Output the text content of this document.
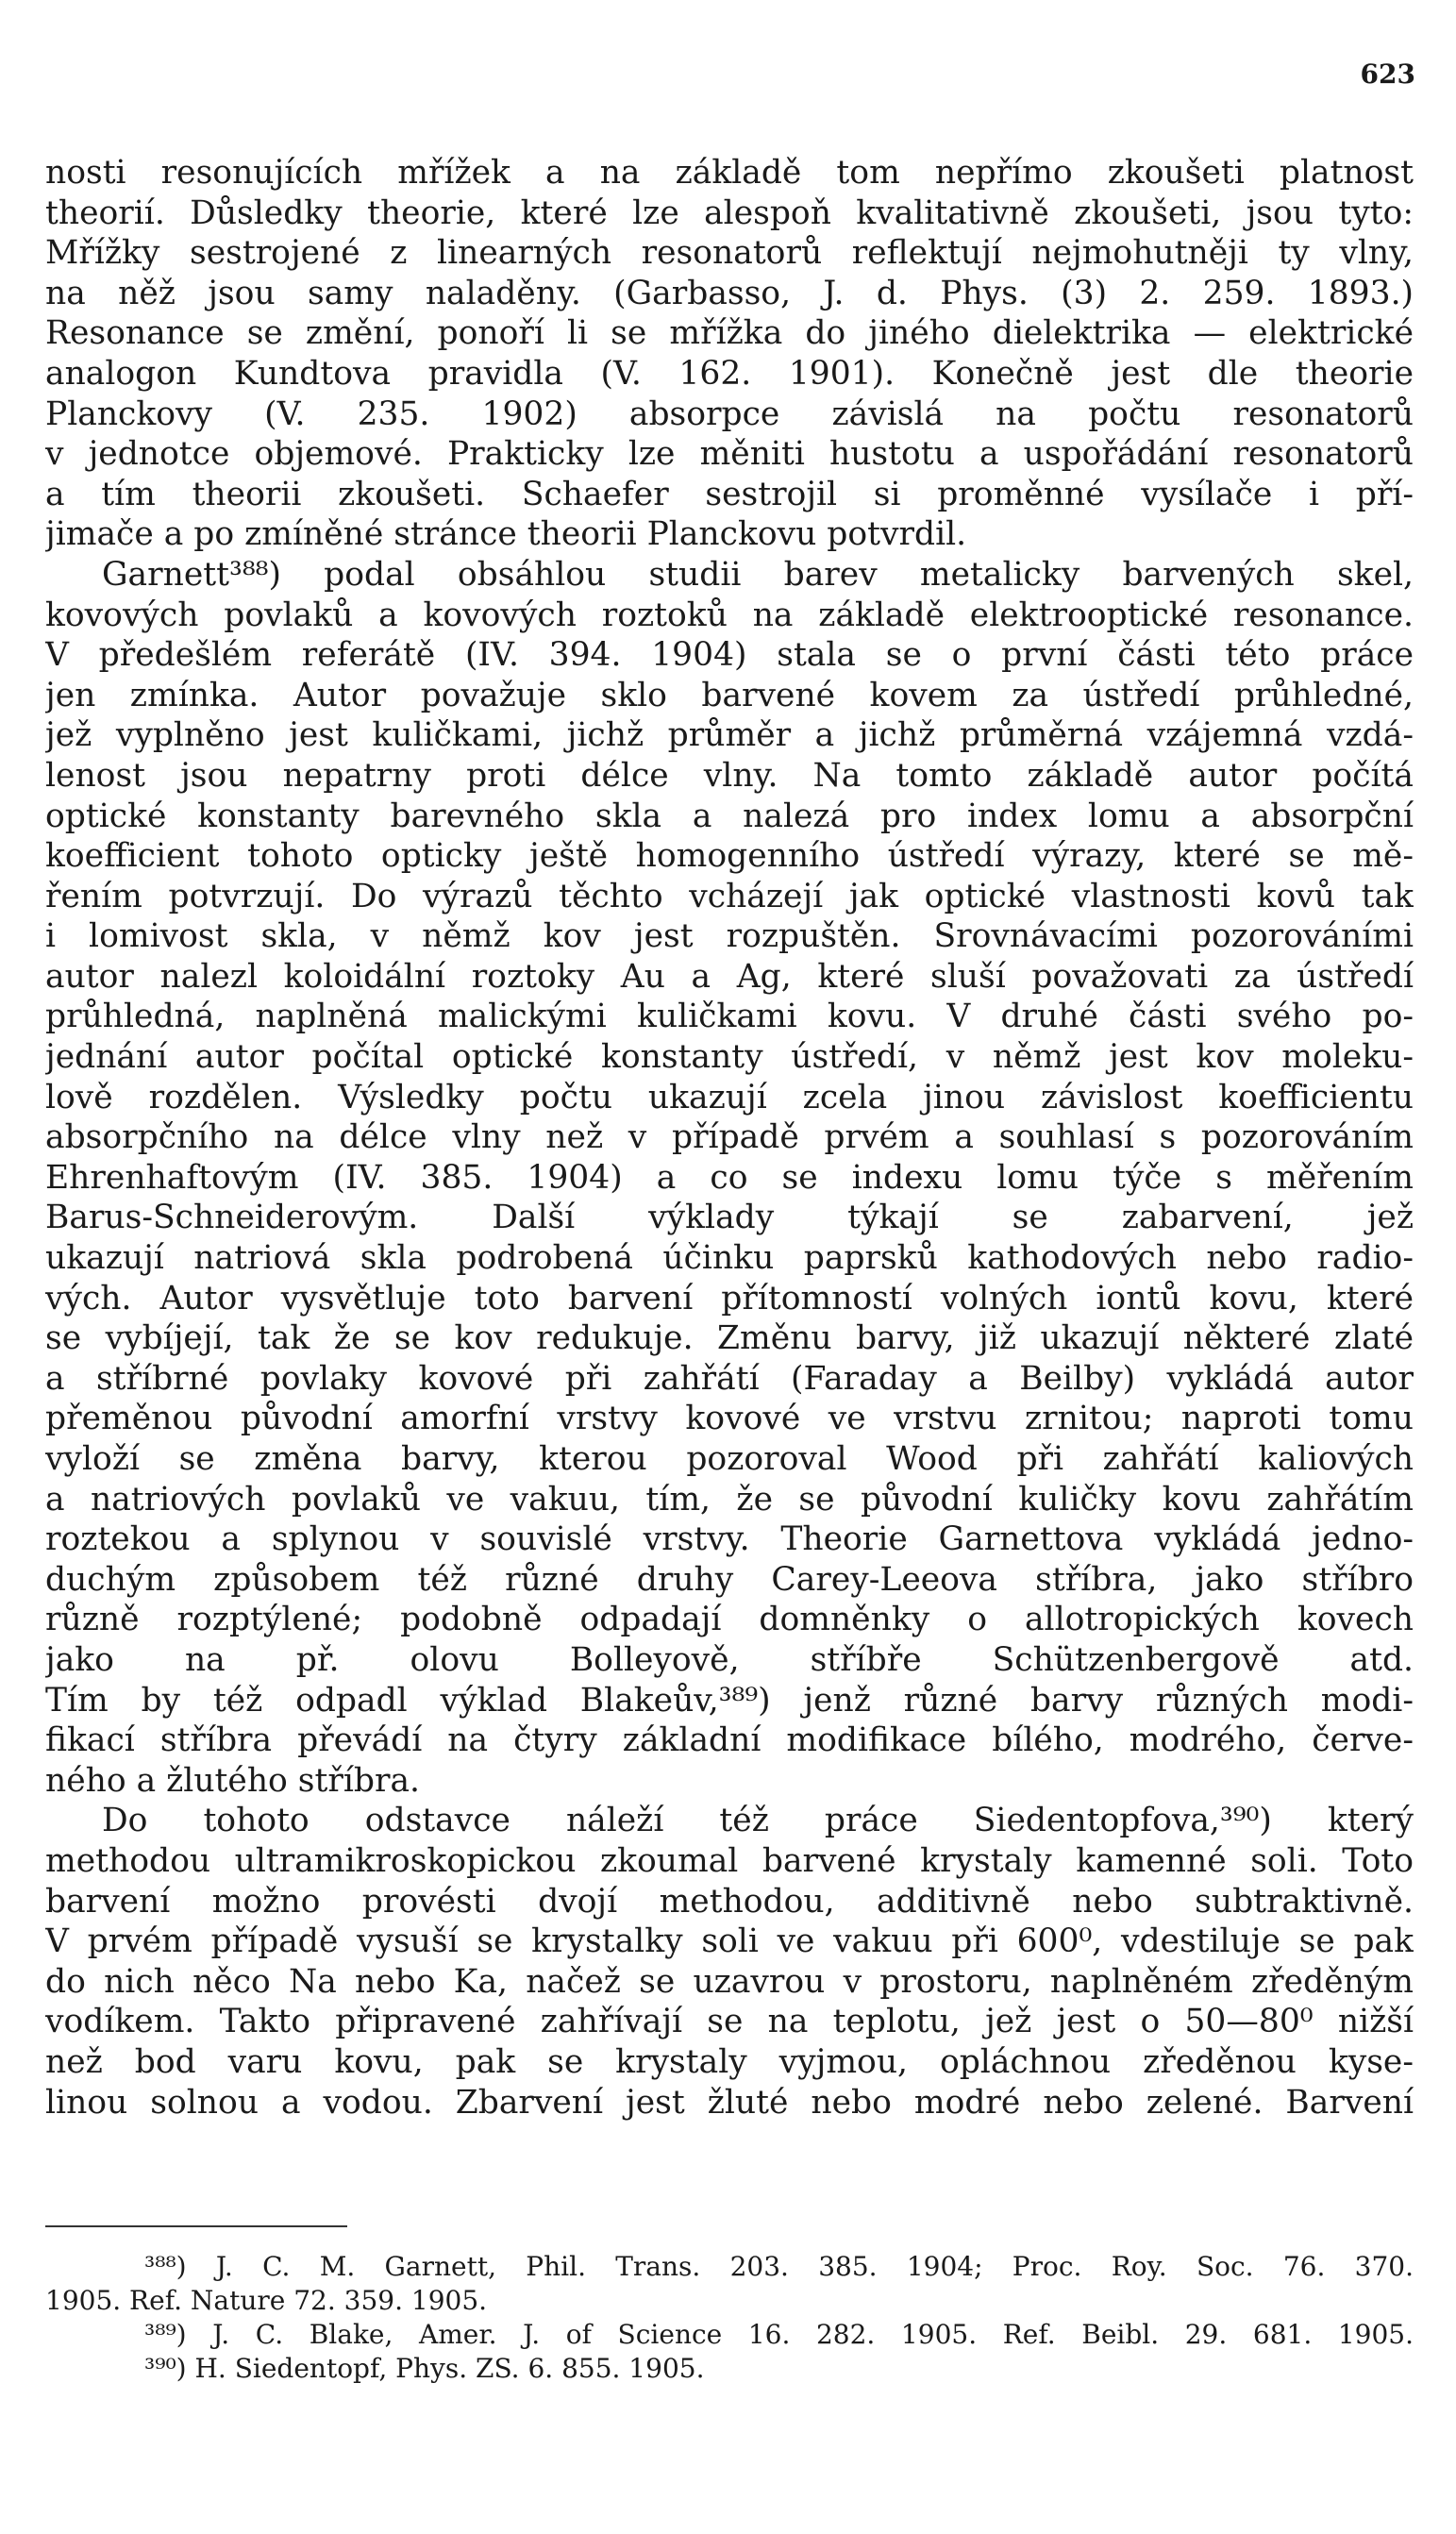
623
nosti resonujících mřížek a na základě tom nepřímo zkoušeti platnost
theorií. Důsledky theorie, které lze alespoň kvalitativně zkoušeti, jsou tyto:
Mřížky sestrojené z linearných resonatorů reflektují nejmohutněji ty vlny,
na něž jsou samy naladěny. (Garbasso, J. d. Phys. (3) 2. 259. 1893.)
Resonance se změní, ponoří li se mřížka do jiného dielektrika — elektrické
analogon Kundtova pravidla (V. 162. 1901). Konečně jest dle theorie
Planckovy (V. 235. 1902) absorpce závislá na počtu resonatorů
v jednotce objemové. Prakticky lze měniti hustotu a uspořádání resonatorů
a tím theorii zkoušeti. Schaefer sestrojil si proměnné vysílače i pří-
jimače a po zmíněné stránce theorii Planckovu potvrdil.
Garnett³⁸⁸) podal obsáhlou studii barev metalicky barvených skel,
kovových povlaků a kovových roztoků na základě elektrooptické resonance.
V předešlém referátě (IV. 394. 1904) stala se o první části této práce
jen zmínka. Autor považuje sklo barvené kovem za ústředí průhledné,
jež vyplněno jest kuličkami, jichž průměr a jichž průměrná vzájemná vzdá-
lenost jsou nepatrny proti délce vlny. Na tomto základě autor počítá
optické konstanty barevného skla a nalezá pro index lomu a absorpční
koefficient tohoto opticky ještě homogenního ústředí výrazy, které se mě-
řením potvrzují. Do výrazů těchto vcházejí jak optické vlastnosti kovů tak
i lomivost skla, v němž kov jest rozpuštěn. Srovnávacími pozorováními
autor nalezl koloidální roztoky Au a Ag, které sluší považovati za ústředí
průhledná, naplněná malickými kuličkami kovu. V druhé části svého po-
jednání autor počítal optické konstanty ústředí, v němž jest kov moleku-
lově rozdělen. Výsledky počtu ukazují zcela jinou závislost koefficientu
absorpčního na délce vlny než v případě prvém a souhlasí s pozorováním
Ehrenhaftovým (IV. 385. 1904) a co se indexu lomu týče s měřením
Barus-Schneiderovým. Další výklady týkají se zabarvení, jež
ukazují natriová skla podrobená účinku paprsků kathodových nebo radio-
vých. Autor vysvětluje toto barvení přítomností volných iontů kovu, které
se vybíjejí, tak že se kov redukuje. Změnu barvy, již ukazují některé zlaté
a stříbrné povlaky kovové při zahřátí (Faraday a Beilby) vykládá autor
přeměnou původní amorfní vrstvy kovové ve vrstvu zrnitou; naproti tomu
vyloží se změna barvy, kterou pozoroval Wood při zahřátí kaliových
a natriových povlaků ve vakuu, tím, že se původní kuličky kovu zahřátím
roztekou a splynou v souvislé vrstvy. Theorie Garnettova vykládá jedno-
duchým způsobem též různé druhy Carey-Leeova stříbra, jako stříbro
různě rozptýlené; podobně odpadají domněnky o allotropických kovech
jako na př. olovu Bolleyově, stříbře Schützenbergově atd.
Tím by též odpadl výklad Blakeův,³⁸⁹) jenž různé barvy různých modi-
fikací stříbra převádí na čtyry základní modifikace bílého, modrého, červe-
ného a žlutého stříbra.
Do tohoto odstavce náleží též práce Siedentopfova,³⁹⁰) který
methodou ultramikroskopickou zkoumal barvené krystaly kamenné soli. Toto
barvení možno provésti dvojí methodou, additivně nebo subtraktivně.
V prvém případě vysuší se krystalky soli ve vakuu při 600⁰, vdestiluje se pak
do nich něco Na nebo Ka, načež se uzavrou v prostoru, naplněném zředěným
vodíkem. Takto připravené zahřívají se na teplotu, jež jest o 50—80⁰ nižší
než bod varu kovu, pak se krystaly vyjmou, opláchnou zředěnou kyse-
linou solnou a vodou. Zbarvení jest žluté nebo modré nebo zelené. Barvení
³⁸⁸) J. C. M. Garnett, Phil. Trans. 203. 385. 1904; Proc. Roy. Soc. 76. 370.
1905. Ref. Nature 72. 359. 1905.
³⁸⁹) J. C. Blake, Amer. J. of Science 16. 282. 1905. Ref. Beibl. 29. 681. 1905.
³⁹⁰) H. Siedentopf, Phys. ZS. 6. 855. 1905.
